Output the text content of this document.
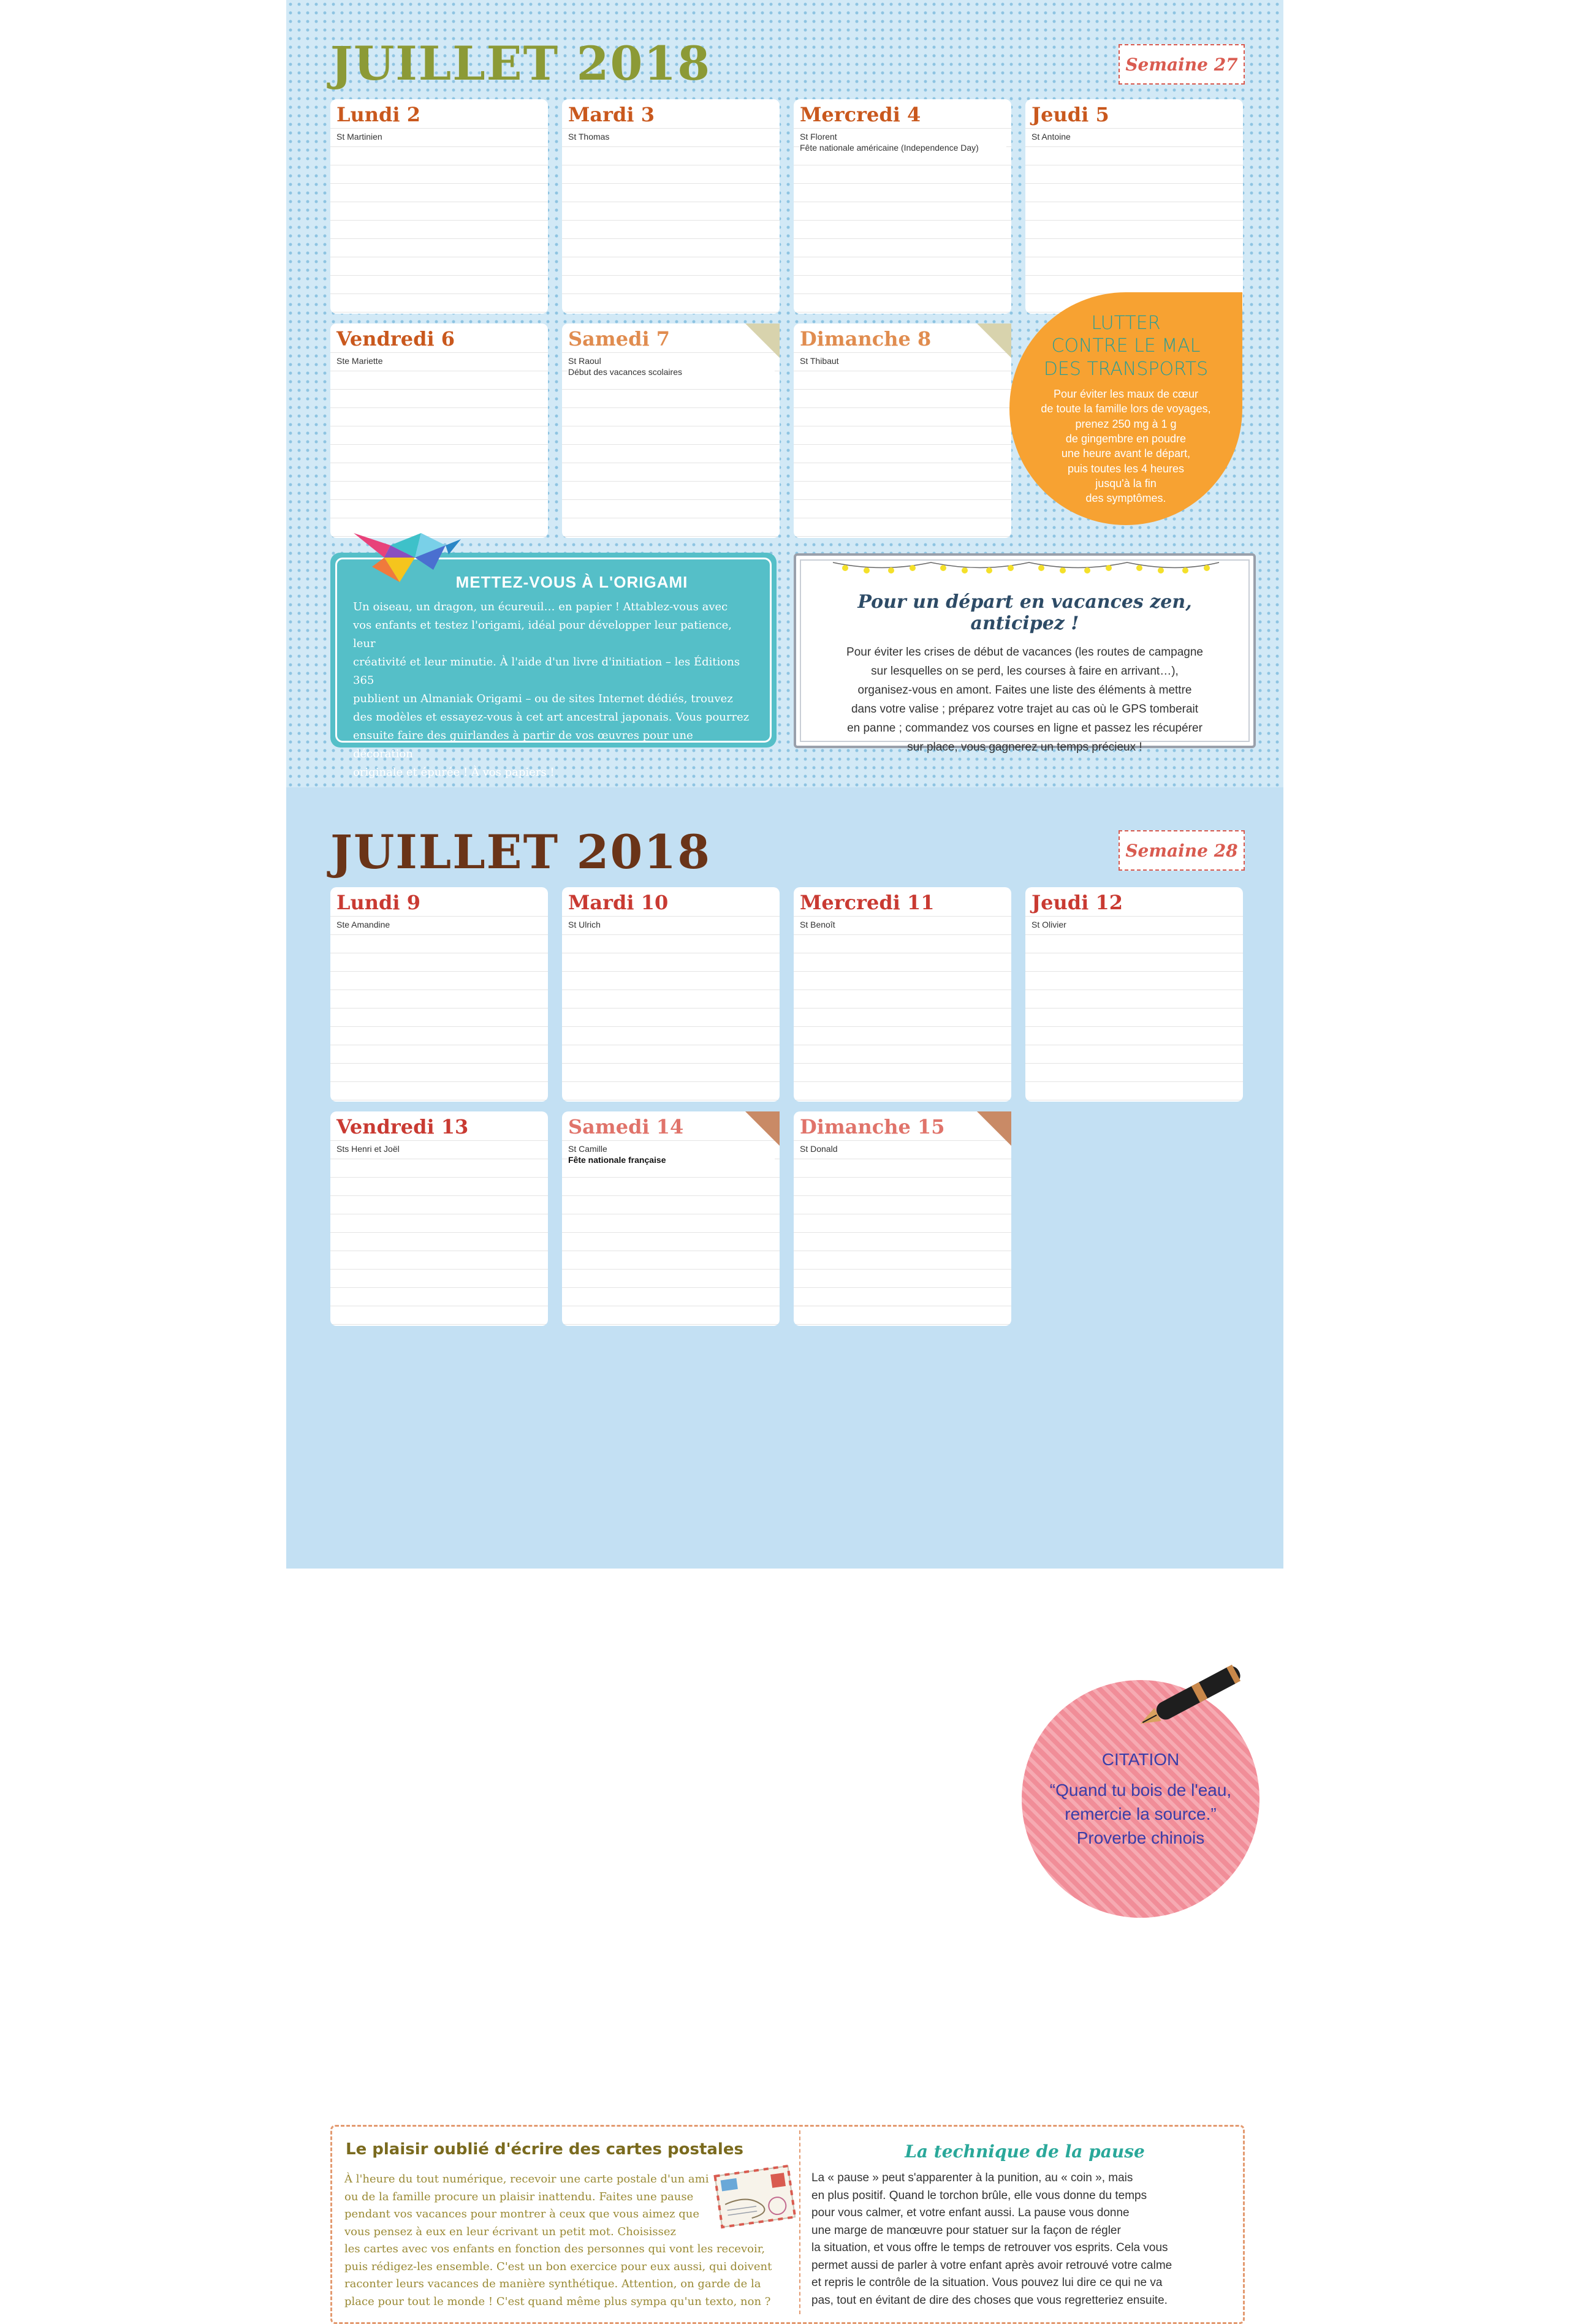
JUILLET 2018	Semaine 27
Lundi 2
St Martinien
Mardi 3
St Thomas
Mercredi 4
St Florent
Fête nationale américaine (Independence Day)
Jeudi 5
St Antoine
Vendredi 6
Ste Mariette
Samedi 7
St Raoul
Début des vacances scolaires
Dimanche 8
St Thibaut
LUTTER
CONTRE LE MAL
DES TRANSPORTS
Pour éviter les maux de cœur
de toute la famille lors de voyages,
prenez 250 mg à 1 g
de gingembre en poudre
une heure avant le départ,
puis toutes les 4 heures
jusqu'à la fin
des symptômes.
METTEZ-VOUS À L'ORIGAMI
Un oiseau, un dragon, un écureuil… en papier ! Attablez-vous avec
vos enfants et testez l'origami, idéal pour développer leur patience, leur
créativité et leur minutie. À l'aide d'un livre d'initiation – les Éditions 365
publient un Almaniak Origami – ou de sites Internet dédiés, trouvez
des modèles et essayez-vous à cet art ancestral japonais. Vous pourrez
ensuite faire des guirlandes à partir de vos œuvres pour une décoration
originale et épurée ! À vos papiers !
Pour un départ en vacances zen, anticipez !
Pour éviter les crises de début de vacances (les routes de campagne
sur lesquelles on se perd, les courses à faire en arrivant…),
organisez-vous en amont. Faites une liste des éléments à mettre
dans votre valise ; préparez votre trajet au cas où le GPS tomberait
en panne ; commandez vos courses en ligne et passez les récupérer
sur place, vous gagnerez un temps précieux !
JUILLET 2018	Semaine 28
Lundi 9
Ste Amandine
Mardi 10
St Ulrich
Mercredi 11
St Benoît
Jeudi 12
St Olivier
Vendredi 13
Sts Henri et Joël
Samedi 14
St Camille
Fête nationale française
Dimanche 15
St Donald
CITATION
“Quand tu bois de l'eau,
remercie la source.”
Proverbe chinois
Le plaisir oublié d'écrire des cartes postales
À l'heure du tout numérique, recevoir une carte postale d'un ami
ou de la famille procure un plaisir inattendu. Faites une pause
pendant vos vacances pour montrer à ceux que vous aimez que
vous pensez à eux en leur écrivant un petit mot. Choisissez
les cartes avec vos enfants en fonction des personnes qui vont les recevoir,
puis rédigez-les ensemble. C'est un bon exercice pour eux aussi, qui doivent
raconter leurs vacances de manière synthétique. Attention, on garde de la
place pour tout le monde ! C'est quand même plus sympa qu'un texto, non ?
La technique de la pause
La « pause » peut s'apparenter à la punition, au « coin », mais
en plus positif. Quand le torchon brûle, elle vous donne du temps
pour vous calmer, et votre enfant aussi. La pause vous donne
une marge de manœuvre pour statuer sur la façon de régler
la situation, et vous offre le temps de retrouver vos esprits. Cela vous
permet aussi de parler à votre enfant après avoir retrouvé votre calme
et repris le contrôle de la situation. Vous pouvez lui dire ce qui ne va
pas, tout en évitant de dire des choses que vous regretteriez ensuite.
